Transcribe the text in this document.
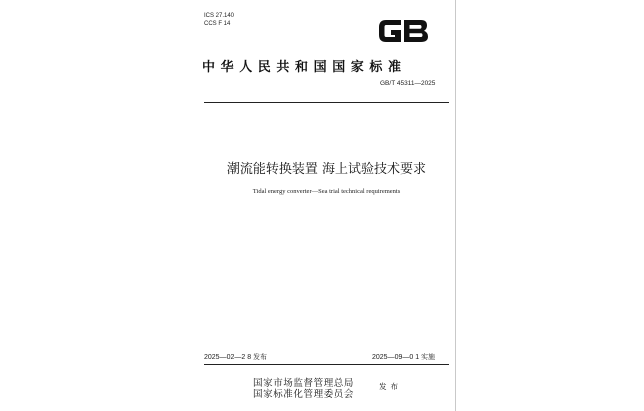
ICS 27.140
CCS F 14
中华人民共和国国家标准
GB/T 45311—2025
潮流能转换装置 海上试验技术要求
Tidal energy converter—Sea trial technical requirements
2025—02—2 8 发布	2025—09—0 1 实施
国家市场监督管理总局
国家标准化管理委员会
发布
